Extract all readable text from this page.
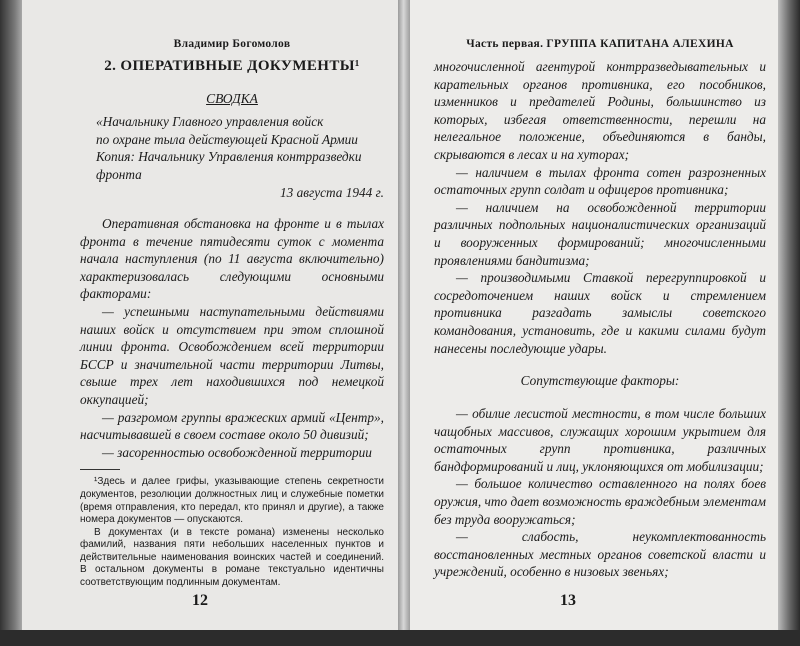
Владимир Богомолов
2. ОПЕРАТИВНЫЕ ДОКУМЕНТЫ¹
СВОДКА

«Начальнику Главного управления войск

по охране тыла действующей Красной Армии

Копия: Начальнику Управления контрразведки

фронта

13 августа 1944 г.

Оперативная обстановка на фронте и в тылах фронта в течение пятидесяти суток с момента начала наступления (по 11 августа включительно) характеризовалась следующими основными факторами:

— успешными наступательными действиями наших войск и отсутствием при этом сплошной линии фронта. Освобождением всей территории БССР и значительной части территории Литвы, свыше трех лет находившихся под немецкой оккупацией;

— разгромом группы вражеских армий «Центр», насчитывавшей в своем составе около 50 дивизий;

— засоренностью освобожденной территории

¹Здесь и далее грифы, указывающие степень секретности документов, резолюции должностных лиц и служебные пометки (время отправления, кто передал, кто принял и другие), а также номера документов — опускаются.

В документах (и в тексте романа) изменены несколько фамилий, названия пяти небольших населенных пунктов и действительные наименования воинских частей и соединений. В остальном документы в романе текстуально идентичны соответствующим подлинным документам.

12
Часть первая. ГРУППА КАПИТАНА АЛЕХИНА

многочисленной агентурой контрразведывательных и карательных органов противника, его пособников, изменников и предателей Родины, большинство из которых, избегая ответственности, перешли на нелегальное положение, объединяются в банды, скрываются в лесах и на хуторах;

— наличием в тылах фронта сотен разрозненных остаточных групп солдат и офицеров противника;

— наличием на освобожденной территории различных подпольных националистических организаций и вооруженных формирований; многочисленными проявлениями бандитизма;

— производимыми Ставкой перегруппировкой и сосредоточением наших войск и стремлением противника разгадать замыслы советского командования, установить, где и какими силами будут нанесены последующие удары.

Сопутствующие факторы:

— обилие лесистой местности, в том числе больших чащобных массивов, служащих хорошим укрытием для остаточных групп противника, различных бандформирований и лиц, уклоняющихся от мобилизации;

— большое количество оставленного на полях боев оружия, что дает возможность враждебным элементам без труда вооружаться;

— слабость, неукомплектованность восстановленных местных органов советской власти и учреждений, особенно в низовых звеньях;

13
